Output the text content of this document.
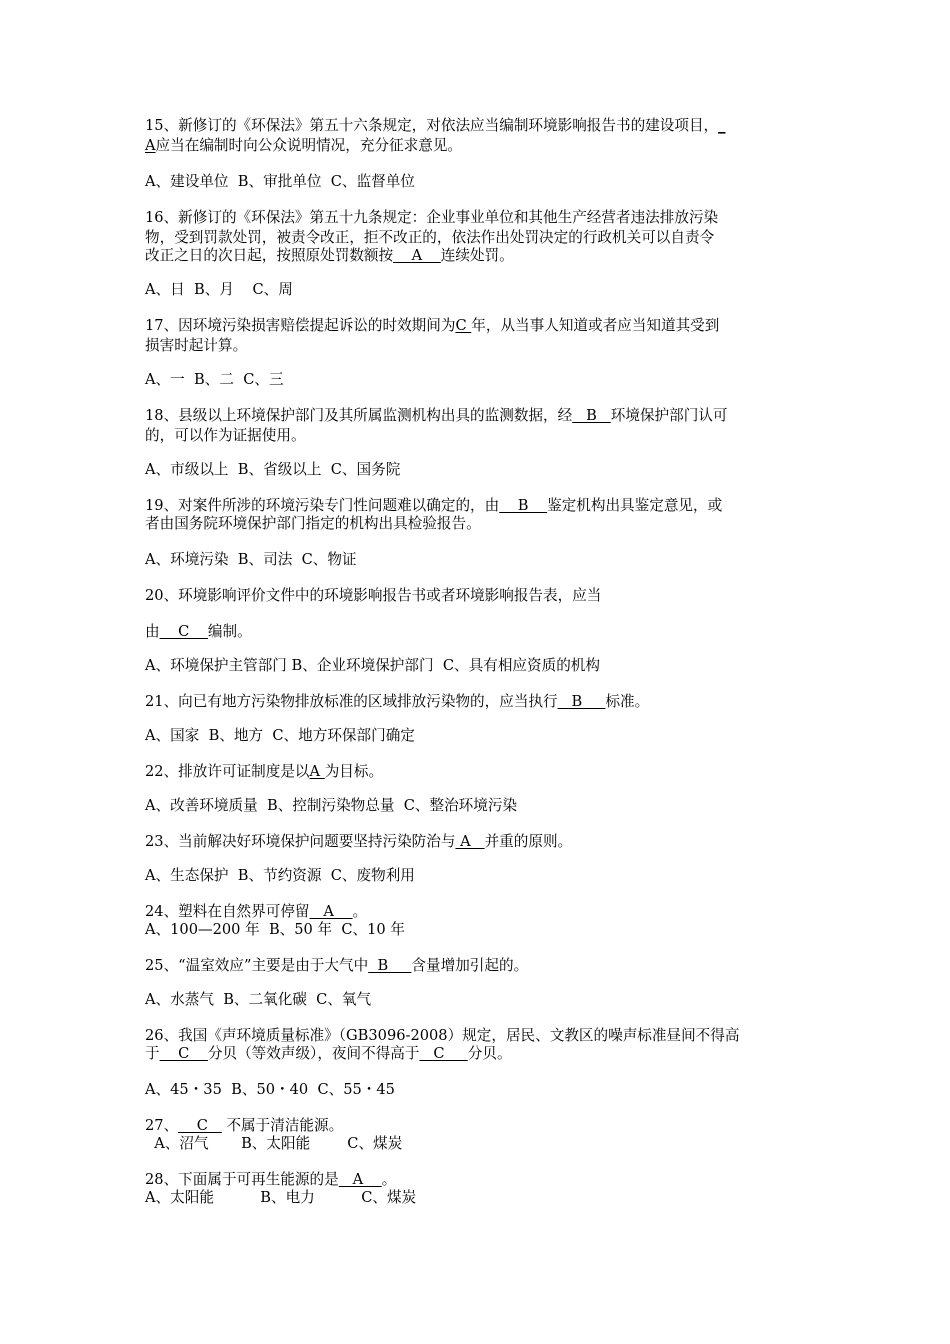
15、新修订的《环保法》第五十六条规定，对依法应当编制环境影响报告书的建设项目，_
A应当在编制时向公众说明情况，充分征求意见。
A、建设单位  B、审批单位  C、监督单位
16、新修订的《环保法》第五十九条规定：企业事业单位和其他生产经营者违法排放污染
物，受到罚款处罚，被责令改正，拒不改正的，依法作出处罚决定的行政机关可以自责令
改正之日的次日起，按照原处罚数额按    A    连续处罚。
A、日  B、月    C、周
17、因环境污染损害赔偿提起诉讼的时效期间为C 年，从当事人知道或者应当知道其受到
损害时起计算。
A、一  B、二  C、三
18、县级以上环境保护部门及其所属监测机构出具的监测数据，经   B   环境保护部门认可
的，可以作为证据使用。
A、市级以上  B、省级以上  C、国务院
19、对案件所涉的环境污染专门性问题难以确定的，由    B    鉴定机构出具鉴定意见，或
者由国务院环境保护部门指定的机构出具检验报告。
A、环境污染  B、司法  C、物证
20、环境影响评价文件中的环境影响报告书或者环境影响报告表，应当
由    C    编制。
A、环境保护主管部门 B、企业环境保护部门  C、具有相应资质的机构
21、向已有地方污染物排放标准的区域排放污染物的，应当执行   B     标准。
A、国家  B、地方  C、地方环保部门确定
22、排放许可证制度是以A 为目标。
A、改善环境质量  B、控制污染物总量  C、整治环境污染
23、当前解决好环境保护问题要坚持污染防治与 A   并重的原则。
A、生态保护  B、节约资源  C、废物利用
24、塑料在自然界可停留   A    。
A、100—200 年  B、50 年  C、10 年
25、“温室效应”主要是由于大气中  B     含量增加引起的。
A、水蒸气  B、二氧化碳  C、氧气
26、我国《声环境质量标准》（GB3096-2008）规定，居民、文教区的噪声标准昼间不得高
于    C    分贝（等效声级），夜间不得高于   C     分贝。
A、45・35  B、50・40  C、55・45
27、    C    不属于清洁能源。
A、沼气       B、太阳能        C、煤炭
28、下面属于可再生能源的是   A    。
A、太阳能          B、电力          C、煤炭
